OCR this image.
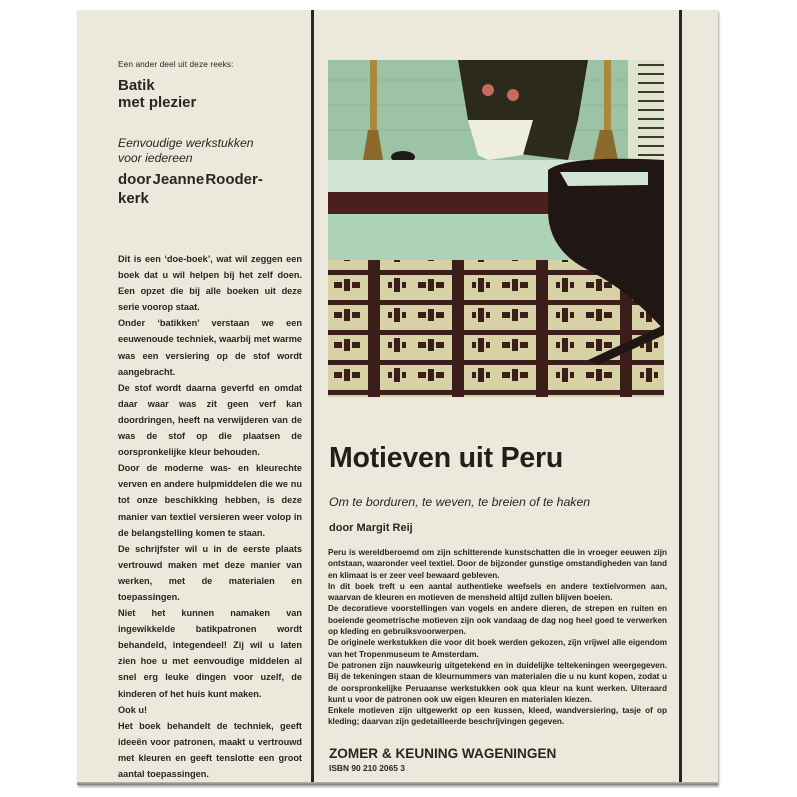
Een ander deel uit deze reeks:
Batik
met plezier
Eenvoudige werkstukken
voor iedereen
door Jeanne Rooder-
kerk

Dit is een ‘doe-boek’, wat wil zeggen een boek dat u wil helpen bij het zelf doen. Een opzet die bij alle boeken uit deze serie voorop staat.

Onder ‘batikken’ verstaan we een eeuwenoude techniek, waarbij met warme was een versiering op de stof wordt aangebracht.

De stof wordt daarna geverfd en omdat daar waar was zit geen verf kan doordringen, heeft na verwijderen van de was de stof op die plaatsen de oorspronkelijke kleur behouden.

Door de moderne was- en kleurechte verven en andere hulpmiddelen die we nu tot onze beschikking hebben, is deze manier van textiel versieren weer volop in de belangstelling komen te staan.

De schrijfster wil u in de eerste plaats vertrouwd maken met deze manier van werken, met de materialen en toepassingen.

Niet het kunnen namaken van ingewikkelde batikpatronen wordt behandeld, integendeel! Zij wil u laten zien hoe u met eenvoudige middelen al snel erg leuke dingen voor uzelf, de kinderen of het huis kunt maken.

Ook u!

Het boek behandelt de techniek, geeft ideeën voor patronen, maakt u vertrouwd met kleuren en geeft tenslotte een groot aantal toepassingen.

Motieven uit Peru
Om te borduren, te weven, te breien of te haken
door Margit Reij

Peru is wereldberoemd om zijn schitterende kunstschatten die in vroeger eeuwen zijn ontstaan, waaronder veel textiel. Door de bijzonder gunstige omstandigheden van land en klimaat is er zeer veel bewaard gebleven.

In dit boek treft u een aantal authentieke weefsels en andere textielvormen aan, waarvan de kleuren en motieven de mensheid altijd zullen blijven boeien.

De decoratieve voorstellingen van vogels en andere dieren, de strepen en ruiten en boeiende geometrische motieven zijn ook vandaag de dag nog heel goed te verwerken op kleding en gebruiksvoorwerpen.

De originele werkstukken die voor dit boek werden gekozen, zijn vrijwel alle eigendom van het Tropenmuseum te Amsterdam.

De patronen zijn nauwkeurig uitgetekend en in duidelijke teltekeningen weergegeven. Bij de tekeningen staan de kleurnummers van materialen die u nu kunt kopen, zodat u de oorspronkelijke Peruaanse werkstukken ook qua kleur na kunt werken. Uiteraard kunt u voor de patronen ook uw eigen kleuren en materialen kiezen.

Enkele motieven zijn uitgewerkt op een kussen, kleed, wandversiering, tasje of op kleding; daarvan zijn gedetailleerde beschrijvingen gegeven.

ZOMER & KEUNING WAGENINGEN
ISBN 90 210 2065 3
